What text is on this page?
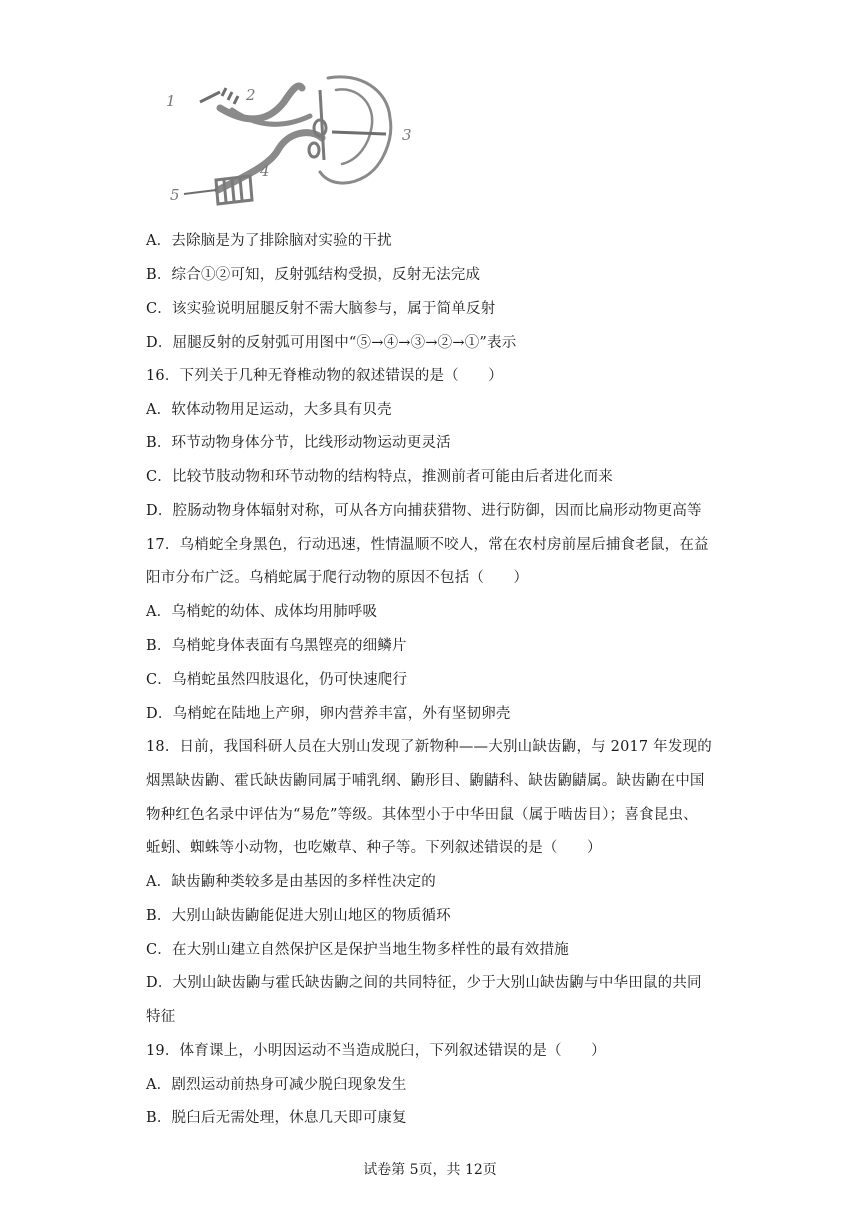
1	2
3
4
5
A．去除脑是为了排除脑对实验的干扰
B．综合①②可知，反射弧结构受损，反射无法完成
C．该实验说明屈腿反射不需大脑参与，属于简单反射
D．屈腿反射的反射弧可用图中“⑤→④→③→②→①”表示
16．下列关于几种无脊椎动物的叙述错误的是（　　）
A．软体动物用足运动，大多具有贝壳
B．环节动物身体分节，比线形动物运动更灵活
C．比较节肢动物和环节动物的结构特点，推测前者可能由后者进化而来
D．腔肠动物身体辐射对称，可从各方向捕获猎物、进行防御，因而比扁形动物更高等
17．乌梢蛇全身黑色，行动迅速，性情温顺不咬人，常在农村房前屋后捕食老鼠，在益
阳市分布广泛。乌梢蛇属于爬行动物的原因不包括（　　）
A．乌梢蛇的幼体、成体均用肺呼吸
B．乌梢蛇身体表面有乌黑铿亮的细鳞片
C．乌梢蛇虽然四肢退化，仍可快速爬行
D．乌梢蛇在陆地上产卵，卵内营养丰富，外有坚韧卵壳
18．日前，我国科研人员在大别山发现了新物种——大别山缺齿鼩，与 2017 年发现的
烟黑缺齿鼩、霍氏缺齿鼩同属于哺乳纲、鼩形目、鼩鼱科、缺齿鼩鼱属。缺齿鼩在中国
物种红色名录中评估为“易危”等级。其体型小于中华田鼠（属于啮齿目）；喜食昆虫、
蚯蚓、蜘蛛等小动物，也吃嫩草、种子等。下列叙述错误的是（　　）
A．缺齿鼩种类较多是由基因的多样性决定的
B．大别山缺齿鼩能促进大别山地区的物质循环
C．在大别山建立自然保护区是保护当地生物多样性的最有效措施
D．大别山缺齿鼩与霍氏缺齿鼩之间的共同特征，少于大别山缺齿鼩与中华田鼠的共同
特征
19．体育课上，小明因运动不当造成脱臼，下列叙述错误的是（　　）
A．剧烈运动前热身可减少脱臼现象发生
B．脱臼后无需处理，休息几天即可康复
试卷第 5页，共 12页
